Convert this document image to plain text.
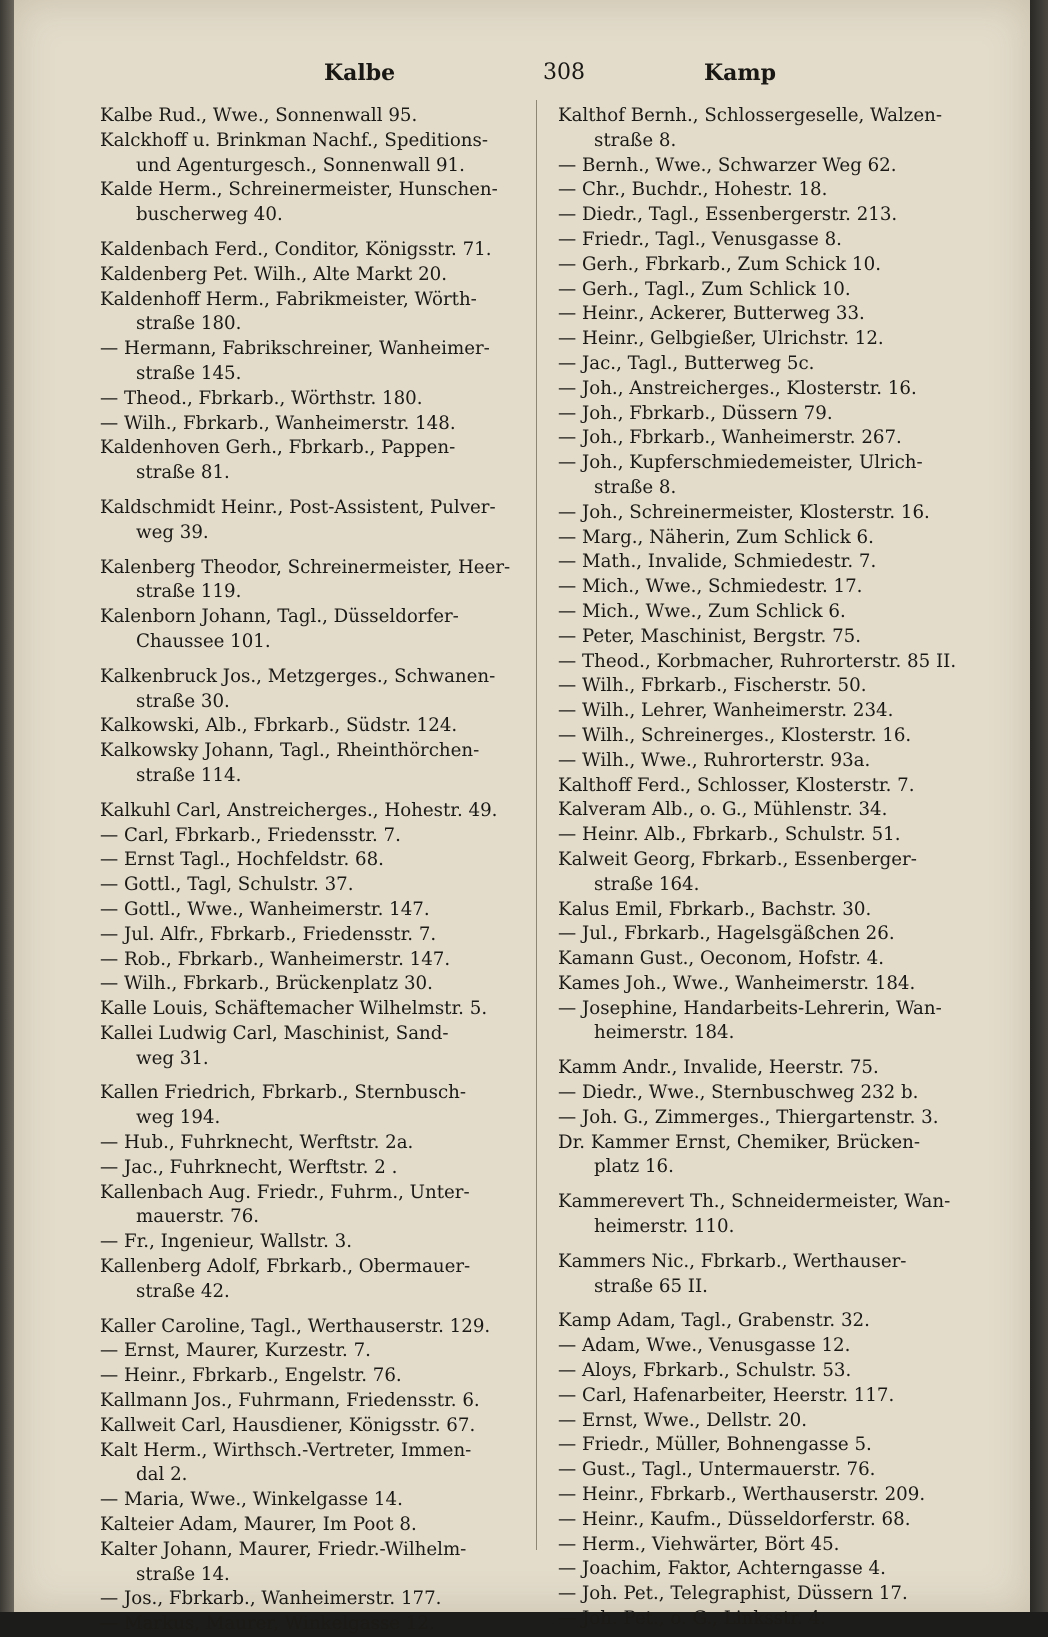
Kalbe	308	Kamp
Kalbe Rud., Wwe., Sonnenwall 95.
Kalckhoff u. Brinkman Nachf., Speditions-
und Agenturgesch., Sonnenwall 91.
Kalde Herm., Schreinermeister, Hunschen-
buscherweg 40.
Kaldenbach Ferd., Conditor, Königsstr. 71.
Kaldenberg Pet. Wilh., Alte Markt 20.
Kaldenhoff Herm., Fabrikmeister, Wörth-
straße 180.
— Hermann, Fabrikschreiner, Wanheimer-
straße 145.
— Theod., Fbrkarb., Wörthstr. 180.
— Wilh., Fbrkarb., Wanheimerstr. 148.
Kaldenhoven Gerh., Fbrkarb., Pappen-
straße 81.
Kaldschmidt Heinr., Post-Assistent, Pulver-
weg 39.
Kalenberg Theodor, Schreinermeister, Heer-
straße 119.
Kalenborn Johann, Tagl., Düsseldorfer-
Chaussee 101.
Kalkenbruck Jos., Metzgerges., Schwanen-
straße 30.
Kalkowski, Alb., Fbrkarb., Südstr. 124.
Kalkowsky Johann, Tagl., Rheinthörchen-
straße 114.
Kalkuhl Carl, Anstreicherges., Hohestr. 49.
— Carl, Fbrkarb., Friedensstr. 7.
— Ernst Tagl., Hochfeldstr. 68.
— Gottl., Tagl, Schulstr. 37.
— Gottl., Wwe., Wanheimerstr. 147.
— Jul. Alfr., Fbrkarb., Friedensstr. 7.
— Rob., Fbrkarb., Wanheimerstr. 147.
— Wilh., Fbrkarb., Brückenplatz 30.
Kalle Louis, Schäftemacher Wilhelmstr. 5.
Kallei Ludwig Carl, Maschinist, Sand-
weg 31.
Kallen Friedrich, Fbrkarb., Sternbusch-
weg 194.
— Hub., Fuhrknecht, Werftstr. 2a.
— Jac., Fuhrknecht, Werftstr. 2 .
Kallenbach Aug. Friedr., Fuhrm., Unter-
mauerstr. 76.
— Fr., Ingenieur, Wallstr. 3.
Kallenberg Adolf, Fbrkarb., Obermauer-
straße 42.
Kaller Caroline, Tagl., Werthauserstr. 129.
— Ernst, Maurer, Kurzestr. 7.
— Heinr., Fbrkarb., Engelstr. 76.
Kallmann Jos., Fuhrmann, Friedensstr. 6.
Kallweit Carl, Hausdiener, Königsstr. 67.
Kalt Herm., Wirthsch.-Vertreter, Immen-
dal 2.
— Maria, Wwe., Winkelgasse 14.
Kalteier Adam, Maurer, Im Poot 8.
Kalter Johann, Maurer, Friedr.-Wilhelm-
straße 14.
— Jos., Fbrkarb., Wanheimerstr. 177.
— Markus, Maurer, Winkelgasse 12.
Kalthof Bernh., Schlossergeselle, Walzen-
straße 8.
— Bernh., Wwe., Schwarzer Weg 62.
— Chr., Buchdr., Hohestr. 18.
— Diedr., Tagl., Essenbergerstr. 213.
— Friedr., Tagl., Venusgasse 8.
— Gerh., Fbrkarb., Zum Schick 10.
— Gerh., Tagl., Zum Schlick 10.
— Heinr., Ackerer, Butterweg 33.
— Heinr., Gelbgießer, Ulrichstr. 12.
— Jac., Tagl., Butterweg 5c.
— Joh., Anstreicherges., Klosterstr. 16.
— Joh., Fbrkarb., Düssern 79.
— Joh., Fbrkarb., Wanheimerstr. 267.
— Joh., Kupferschmiedemeister, Ulrich-
straße 8.
— Joh., Schreinermeister, Klosterstr. 16.
— Marg., Näherin, Zum Schlick 6.
— Math., Invalide, Schmiedestr. 7.
— Mich., Wwe., Schmiedestr. 17.
— Mich., Wwe., Zum Schlick 6.
— Peter, Maschinist, Bergstr. 75.
— Theod., Korbmacher, Ruhrorterstr. 85 II.
— Wilh., Fbrkarb., Fischerstr. 50.
— Wilh., Lehrer, Wanheimerstr. 234.
— Wilh., Schreinerges., Klosterstr. 16.
— Wilh., Wwe., Ruhrorterstr. 93a.
Kalthoff Ferd., Schlosser, Klosterstr. 7.
Kalveram Alb., o. G., Mühlenstr. 34.
— Heinr. Alb., Fbrkarb., Schulstr. 51.
Kalweit Georg, Fbrkarb., Essenberger-
straße 164.
Kalus Emil, Fbrkarb., Bachstr. 30.
— Jul., Fbrkarb., Hagelsgäßchen 26.
Kamann Gust., Oeconom, Hofstr. 4.
Kames Joh., Wwe., Wanheimerstr. 184.
— Josephine, Handarbeits-Lehrerin, Wan-
heimerstr. 184.
Kamm Andr., Invalide, Heerstr. 75.
— Diedr., Wwe., Sternbuschweg 232 b.
— Joh. G., Zimmerges., Thiergartenstr. 3.
Dr. Kammer Ernst, Chemiker, Brücken-
platz 16.
Kammerevert Th., Schneidermeister, Wan-
heimerstr. 110.
Kammers Nic., Fbrkarb., Werthauser-
straße 65 II.
Kamp Adam, Tagl., Grabenstr. 32.
— Adam, Wwe., Venusgasse 12.
— Aloys, Fbrkarb., Schulstr. 53.
— Carl, Hafenarbeiter, Heerstr. 117.
— Ernst, Wwe., Dellstr. 20.
— Friedr., Müller, Bohnengasse 5.
— Gust., Tagl., Untermauerstr. 76.
— Heinr., Fbrkarb., Werthauserstr. 209.
— Heinr., Kaufm., Düsseldorferstr. 68.
— Herm., Viehwärter, Bört 45.
— Joachim, Faktor, Achterngasse 4.
— Joh. Pet., Telegraphist, Düssern 17.
— Joh. Pet., o. G., Linksstr. 4.
